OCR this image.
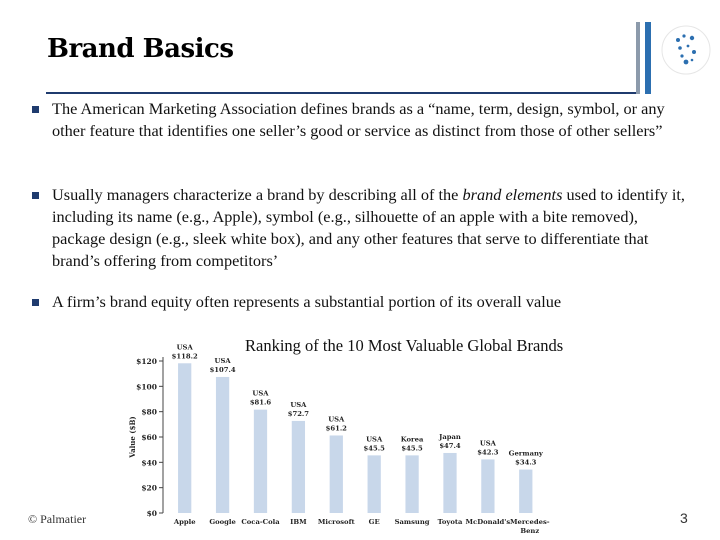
Brand Basics
The American Marketing Association defines brands as a “name, term, design, symbol, or any other feature that identifies one seller’s good or service as distinct from those of other sellers”
Usually managers characterize a brand by describing all of the brand elements used to identify it, including its name (e.g., Apple), symbol (e.g., silhouette of an apple with a bite removed), package design (e.g., sleek white box), and any other features that serve to differentiate that brand’s offering from competitors’
A firm’s brand equity often represents a substantial portion of its overall value
Ranking of the 10 Most Valuable Global Brands
$0
$20
$40
$60
$80
$100
$120
Value ($B)
USA
$118.2
Apple
USA
$107.4
Google
USA
$81.6
Coca-Cola
USA
$72.7
IBM
USA
$61.2
Microsoft
USA
$45.5
GE
Korea
$45.5
Samsung
Japan
$47.4
Toyota
USA
$42.3
McDonald's
Germany
$34.3
Mercedes-
Benz
© Palmatier	3
